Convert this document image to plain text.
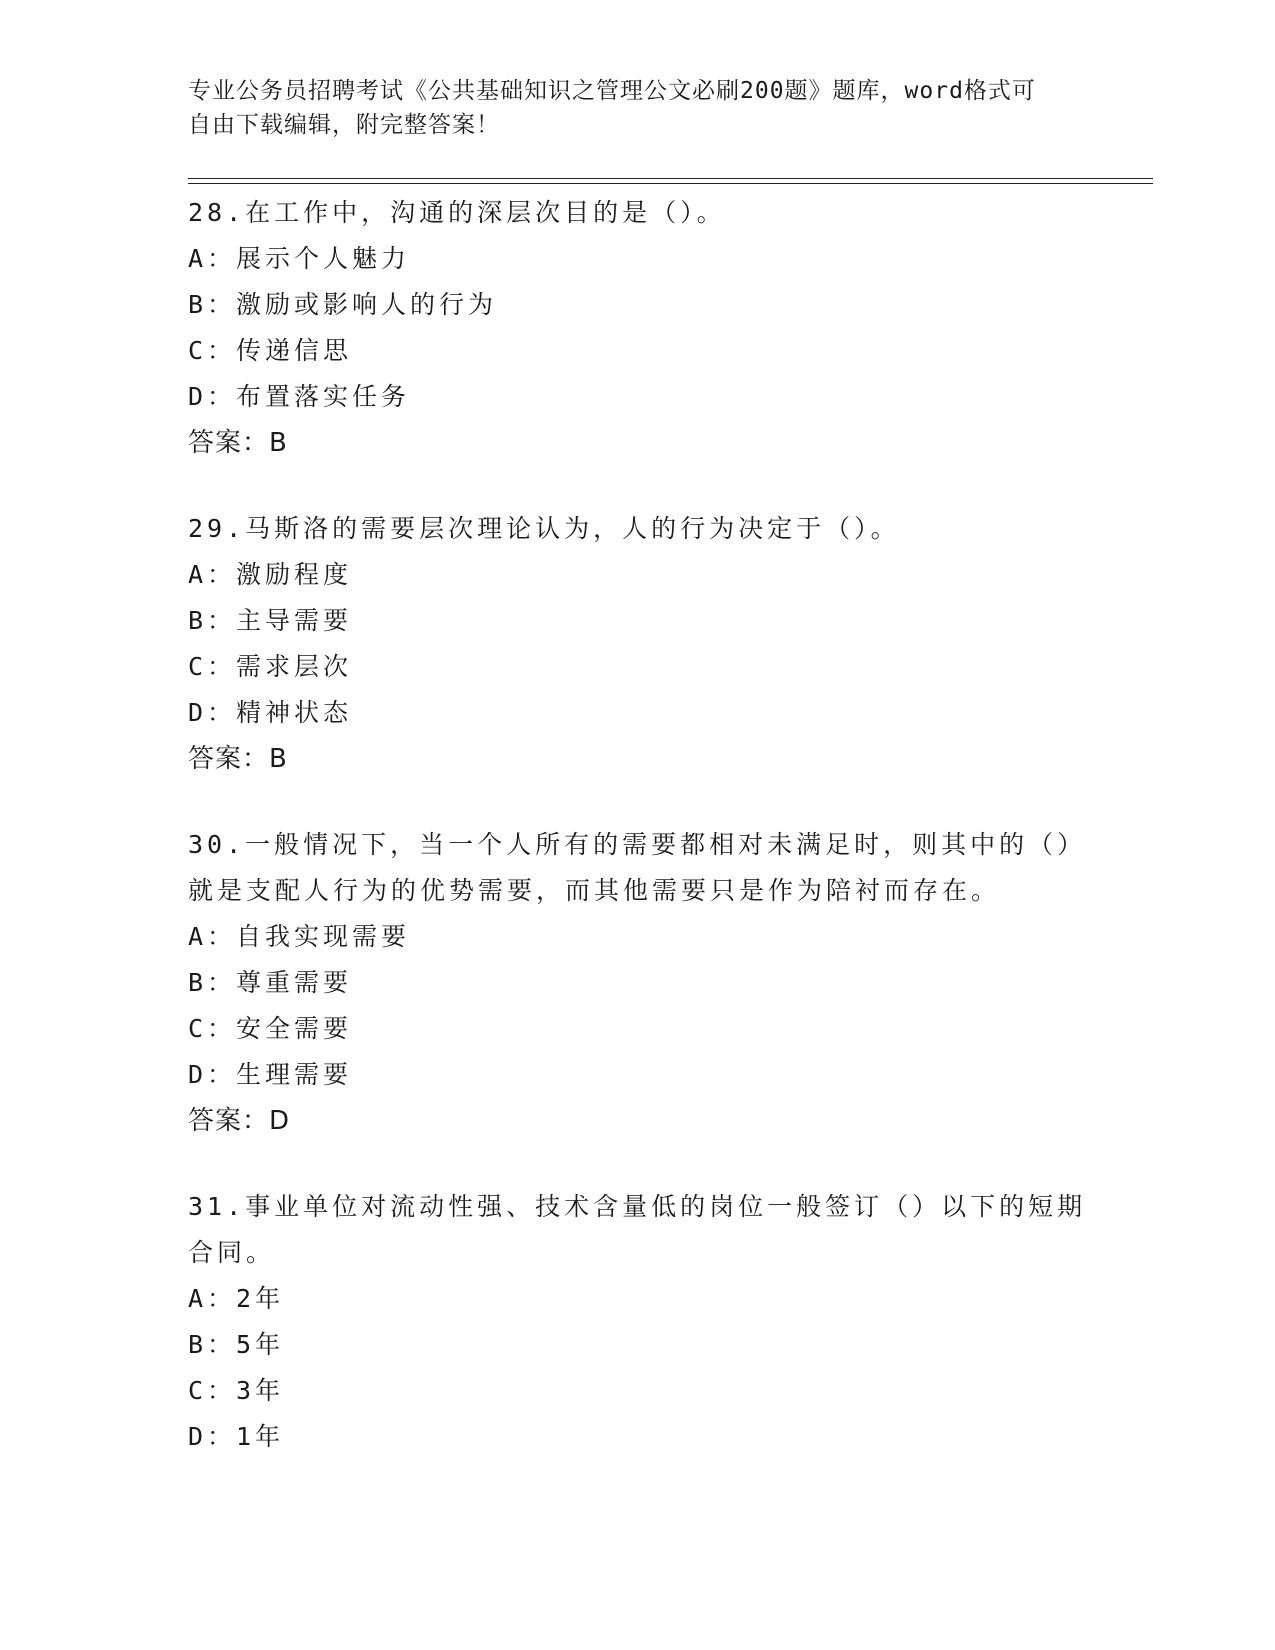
专业公务员招聘考试《公共基础知识之管理公文必刷200题》题库，word格式可
自由下载编辑，附完整答案！

28.在工作中，沟通的深层次目的是（）。

A：展示个人魅力

B：激励或影响人的行为

C：传递信思

D：布置落实任务

答案：B

29.马斯洛的需要层次理论认为，人的行为决定于（）。

A：激励程度

B：主导需要

C：需求层次

D：精神状态

答案：B

30.一般情况下，当一个人所有的需要都相对未满足时，则其中的（）
就是支配人行为的优势需要，而其他需要只是作为陪衬而存在。

A：自我实现需要

B：尊重需要

C：安全需要

D：生理需要

答案：D

31.事业单位对流动性强、技术含量低的岗位一般签订（）以下的短期
合同。

A：2年

B：5年

C：3年

D：1年
